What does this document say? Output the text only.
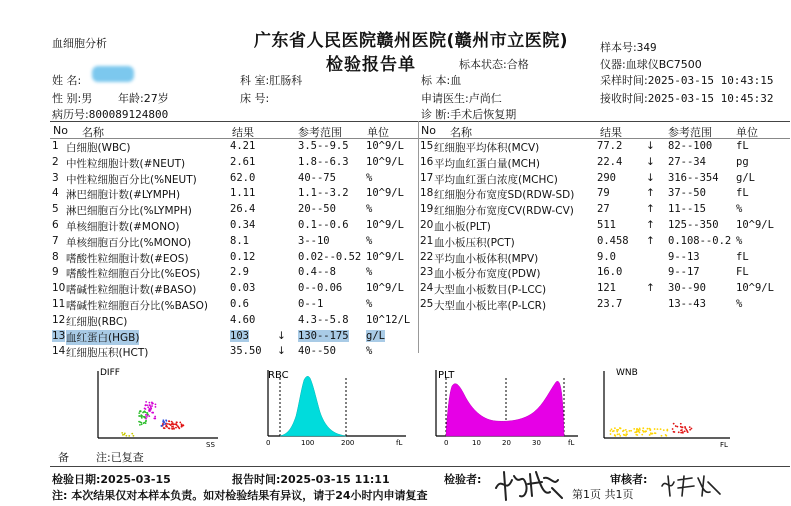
血细胞分析	广东省人民医院赣州医院(赣州市立医院)
检验报告单
样本号:349
标本状态:合格	仪器:血球仪BC7500
姓 名:	科 室:肛肠科	标 本:血	采样时间:2025-03-15 10:43:15
性 别:男 年龄:27岁	床 号:	申请医生:卢尚仁	接收时间:2025-03-15 10:45:32
病历号:800089124800	诊 断:手术后恢复期
No 名称	结果	参考范围 单位	No 名称	结果	参考范围 单位
1 白细胞(WBC)	4.21	3.5--9.5 10^9/L
2 中性粒细胞计数(#NEUT)	2.61	1.8--6.3 10^9/L
3 中性粒细胞百分比(%NEUT)	62.0	40--75	%
4 淋巴细胞计数(#LYMPH)	1.11	1.1--3.2 10^9/L
5 淋巴细胞百分比(%LYMPH)	26.4	20--50	%
6 单核细胞计数(#MONO)	0.34	0.1--0.6 10^9/L
7 单核细胞百分比(%MONO)	8.1	3--10	%
8 嗜酸性粒细胞计数(#EOS)	0.12	0.02--0.52 10^9/L
9 嗜酸性粒细胞百分比(%EOS)	2.9	0.4--8	%
10 嗜碱性粒细胞计数(#BASO)	0.03	0--0.06 10^9/L
11 嗜碱性粒细胞百分比(%BASO) 0.6	0--1	%
12 红细胞(RBC)	4.60	4.3--5.8 10^12/L
13 血红蛋白(HGB)	103	↓ 130--175 g/L
14 红细胞压积(HCT)	35.50 ↓ 40--50	%
15 红细胞平均体积(MCV)	77.2 ↓ 82--100 fL
16 平均血红蛋白量(MCH)	22.4 ↓ 27--34	pg
17 平均血红蛋白浓度(MCHC)	290	↓ 316--354 g/L
18 红细胞分布宽度SD(RDW-SD) 79	↑ 37--50	fL
19 红细胞分布宽度CV(RDW-CV) 27	↑ 11--15	%
20 血小板(PLT)	511	↑ 125--350 10^9/L
21 血小板压积(PCT)	0.458 ↑ 0.108--0.2 %
22 平均血小板体积(MPV)	9.0	9--13	fL
23 血小板分布宽度(PDW)	16.0	9--17	FL
24 大型血小板数目(P-LCC)	121	↑ 30--90	10^9/L
25 大型血小板比率(P-LCR)	23.7	13--43	%
DIFF
SS
RBC
0	100	200	fL
PLT
0	10	20	30	fL
WNB
FL
备 注:已复查
检验日期:2025-03-15	报告时间:2025-03-15 11:11	检验者:	审核者:
注: 本次结果仅对本样本负责。如对检验结果有异议，请于24小时内申请复查	第1页 共1页
